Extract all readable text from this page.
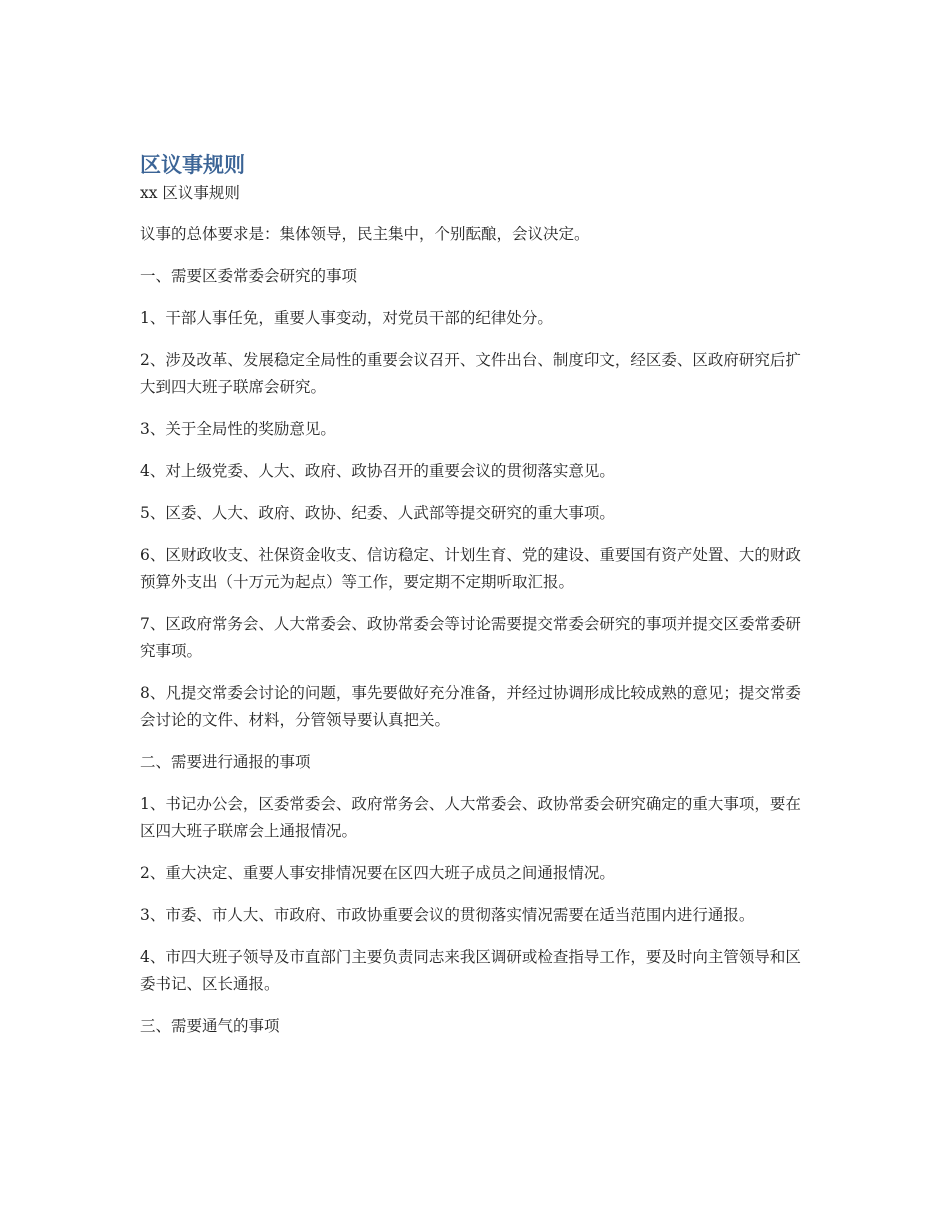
区议事规则

xx 区议事规则

议事的总体要求是：集体领导，民主集中，个别酝酿，会议决定。

一、需要区委常委会研究的事项

1、干部人事任免，重要人事变动，对党员干部的纪律处分。

2、涉及改革、发展稳定全局性的重要会议召开、文件出台、制度印文，经区委、区政府研究后扩大到四大班子联席会研究。

3、关于全局性的奖励意见。

4、对上级党委、人大、政府、政协召开的重要会议的贯彻落实意见。

5、区委、人大、政府、政协、纪委、人武部等提交研究的重大事项。

6、区财政收支、社保资金收支、信访稳定、计划生育、党的建设、重要国有资产处置、大的财政预算外支出（十万元为起点）等工作，要定期不定期听取汇报。

7、区政府常务会、人大常委会、政协常委会等讨论需要提交常委会研究的事项并提交区委常委研究事项。

8、凡提交常委会讨论的问题，事先要做好充分准备，并经过协调形成比较成熟的意见；提交常委会讨论的文件、材料，分管领导要认真把关。

二、需要进行通报的事项

1、书记办公会，区委常委会、政府常务会、人大常委会、政协常委会研究确定的重大事项，要在区四大班子联席会上通报情况。

2、重大决定、重要人事安排情况要在区四大班子成员之间通报情况。

3、市委、市人大、市政府、市政协重要会议的贯彻落实情况需要在适当范围内进行通报。

4、市四大班子领导及市直部门主要负责同志来我区调研或检查指导工作，要及时向主管领导和区委书记、区长通报。

三、需要通气的事项
